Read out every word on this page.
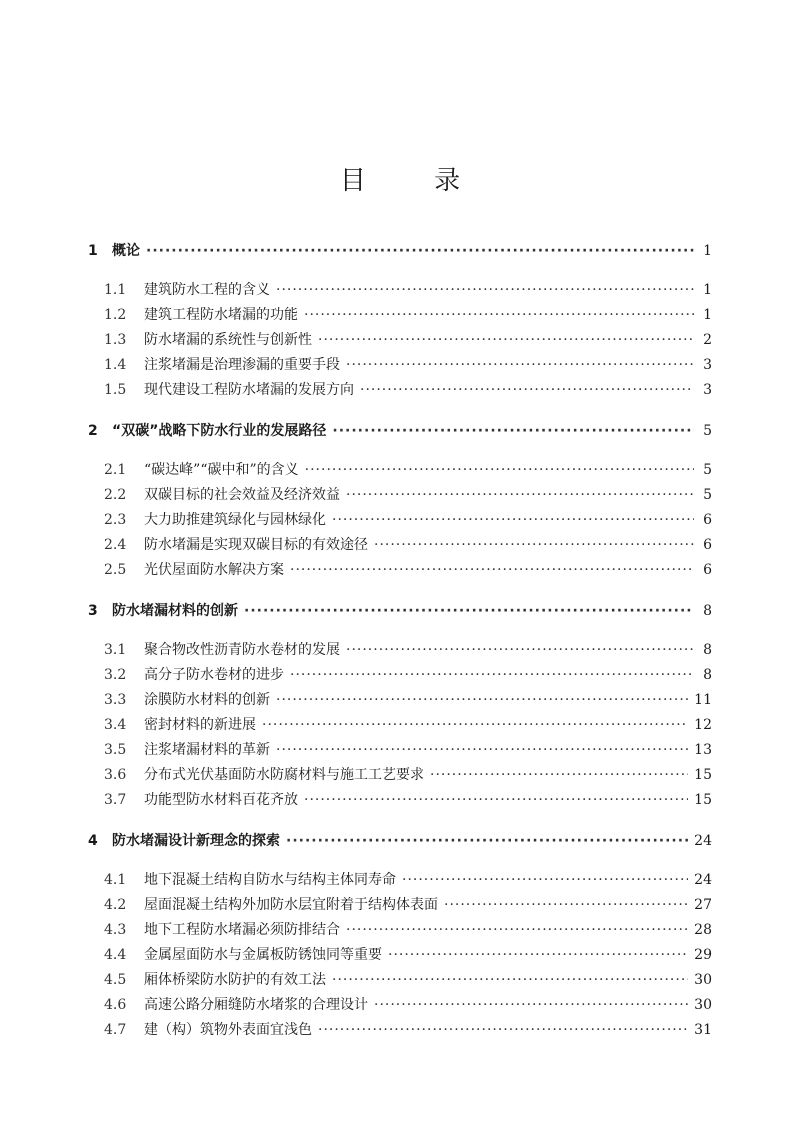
目	录
1	概论 ·····	1
1.1	建筑防水工程的含义 ·····	1
1.2	建筑工程防水堵漏的功能 ·····	1
1.3	防水堵漏的系统性与创新性 ·····	2
1.4	注浆堵漏是治理渗漏的重要手段 ·····	3
1.5	现代建设工程防水堵漏的发展方向 ·····	3
2	“双碳”战略下防水行业的发展路径 ·····	5
2.1	“碳达峰”“碳中和”的含义 ·····	5
2.2	双碳目标的社会效益及经济效益 ·····	5
2.3	大力助推建筑绿化与园林绿化 ·····	6
2.4	防水堵漏是实现双碳目标的有效途径 ·····	6
2.5	光伏屋面防水解决方案 ·····	6
3	防水堵漏材料的创新 ·····	8
3.1	聚合物改性沥青防水卷材的发展 ·····	8
3.2	高分子防水卷材的进步 ·····	8
3.3	涂膜防水材料的创新 ·····	11
3.4	密封材料的新进展 ·····	12
3.5	注浆堵漏材料的革新 ·····	13
3.6	分布式光伏基面防水防腐材料与施工工艺要求 ·····	15
3.7	功能型防水材料百花齐放 ·····	15
4	防水堵漏设计新理念的探索 ·····	24
4.1	地下混凝土结构自防水与结构主体同寿命 ·····	24
4.2	屋面混凝土结构外加防水层宜附着于结构体表面 ·····	27
4.3	地下工程防水堵漏必须防排结合 ·····	28
4.4	金属屋面防水与金属板防锈蚀同等重要 ·····	29
4.5	厢体桥梁防水防护的有效工法 ·····	30
4.6	高速公路分厢缝防水堵浆的合理设计 ·····	30
4.7	建（构）筑物外表面宜浅色 ·····	31
